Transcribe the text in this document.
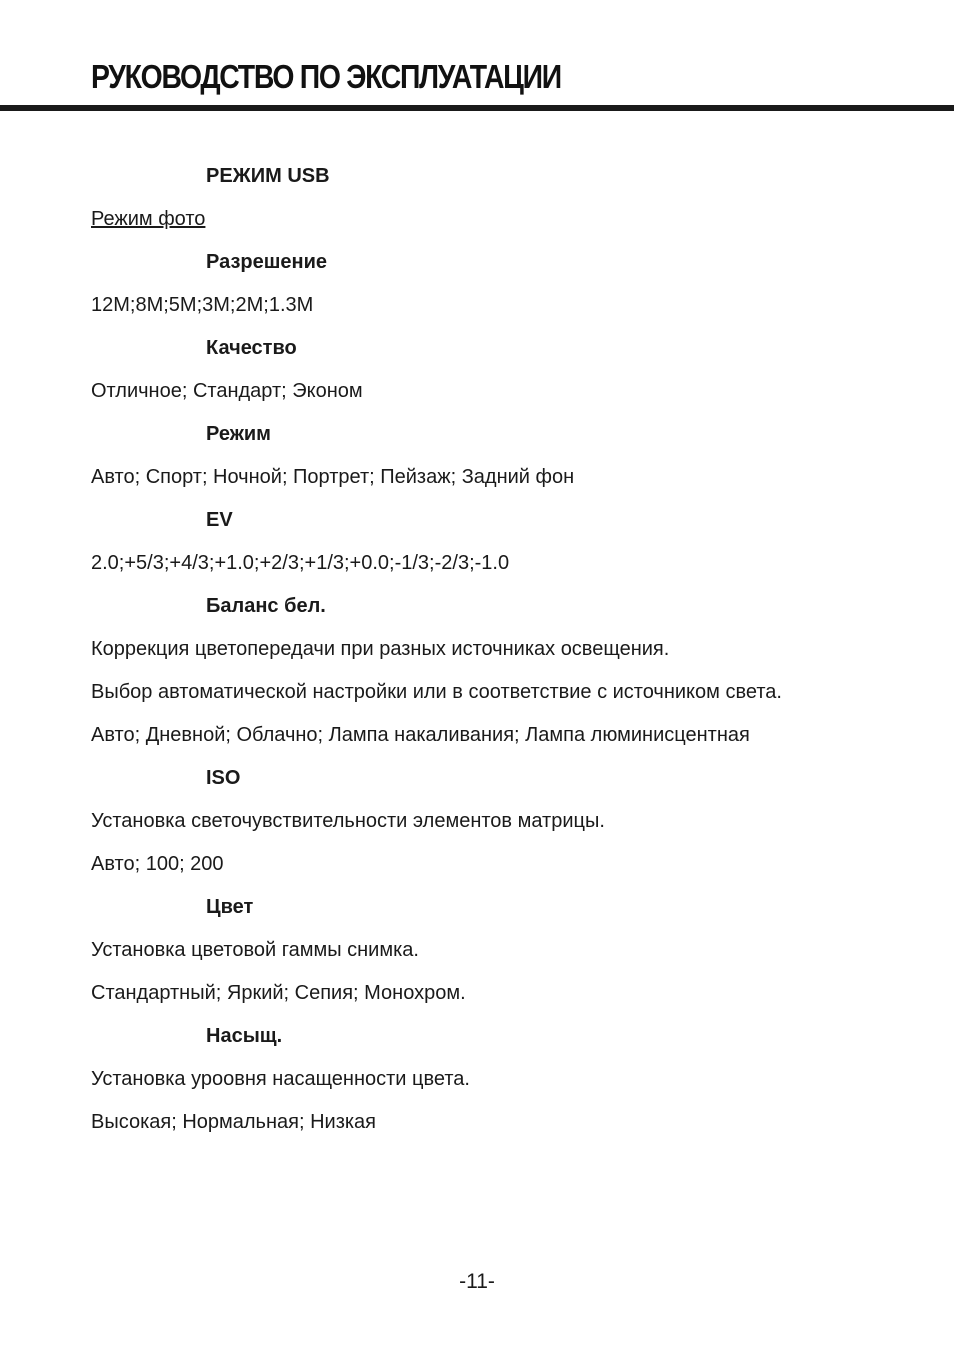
РУКОВОДСТВО ПО ЭКСПЛУАТАЦИИ
РЕЖИМ USB
Режим фото
Разрешение
12M;8M;5M;3M;2M;1.3M
Качество
Отличное; Стандарт; Эконом
Режим
Авто; Спорт; Ночной; Портрет; Пейзаж; Задний фон
EV
2.0;+5/3;+4/3;+1.0;+2/3;+1/3;+0.0;-1/3;-2/3;-1.0
Баланс бел.
Коррекция цветопередачи при разных источниках освещения.
Выбор автоматической настройки или в соответствие с источником света.
Авто; Дневной; Облачно; Лампа накаливания; Лампа люминисцентная
ISO
Установка светочувствительности элементов матрицы.
Авто; 100; 200
Цвет
Установка цветовой гаммы снимка.
Стандартный; Яркий; Сепия; Монохром.
Насыщ.
Установка уроовня насащенности цвета.
Высокая; Нормальная; Низкая
-11-
